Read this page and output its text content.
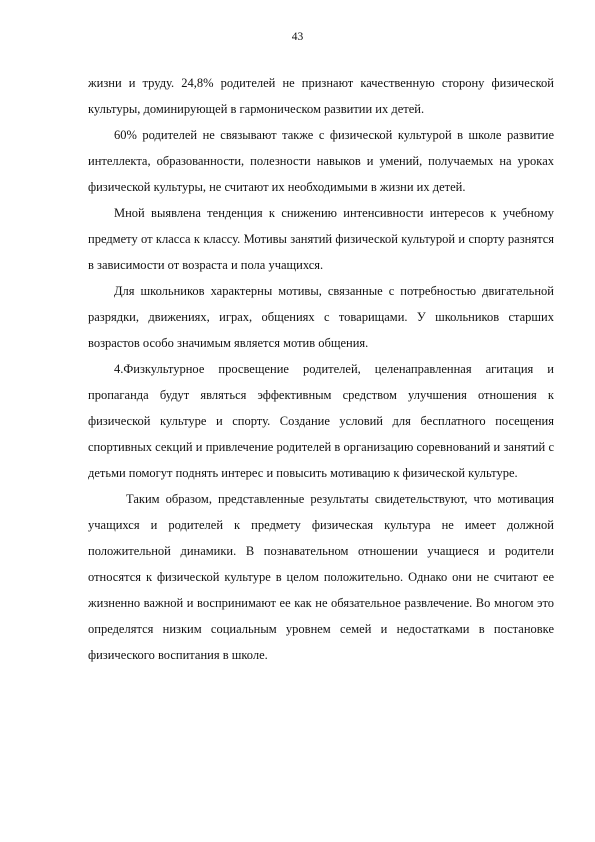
43

жизни и труду. 24,8% родителей не признают качественную сторону физической культуры, доминирующей в гармоническом развитии их детей.

60% родителей не связывают также с физической культурой в школе развитие интеллекта, образованности, полезности навыков и умений, получаемых на уроках физической культуры, не считают их необходимыми в жизни их детей.

Мной выявлена тенденция к снижению интенсивности интересов к учебному предмету от класса к классу. Мотивы занятий физической культурой и спорту разнятся в зависимости от возраста и пола учащихся.

Для школьников характерны мотивы, связанные с потребностью двигательной разрядки, движениях, играх, общениях с товарищами. У школьников старших возрастов особо значимым является мотив общения.

4.Физкультурное просвещение родителей, целенаправленная агитация и пропаганда будут являться эффективным средством улучшения отношения к физической культуре и спорту. Создание условий для бесплатного посещения спортивных секций и привлечение родителей в организацию соревнований и занятий с детьми помогут поднять интерес и повысить мотивацию к физической культуре.

Таким образом, представленные результаты свидетельствуют, что мотивация учащихся и родителей к предмету физическая культура не имеет должной положительной динамики. В познавательном отношении учащиеся и родители относятся к физической культуре в целом положительно. Однако они не считают ее жизненно важной и воспринимают ее как не обязательное развлечение. Во многом это определятся низким социальным уровнем семей и недостатками в постановке физического воспитания в школе.
